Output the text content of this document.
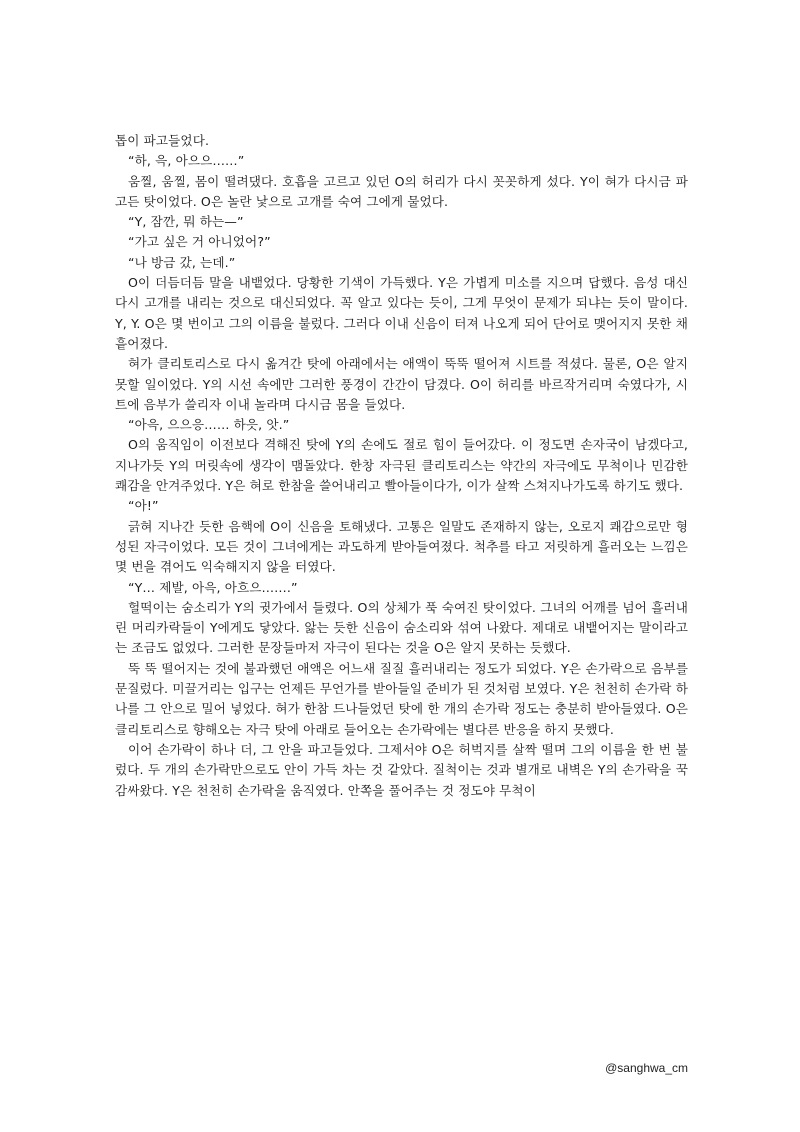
톱이 파고들었다.

“하, 윽, 아으으……”

움찔, 움찔, 몸이 떨려댔다. 호흡을 고르고 있던 O의 허리가 다시 꼿꼿하게 섰다. Y이 혀가 다시금 파고든 탓이었다. O은 놀란 낯으로 고개를 숙여 그에게 물었다.

“Y, 잠깐, 뭐 하는—”

“가고 싶은 거 아니었어?”

“나 방금 갔, 는데.”

O이 더듬더듬 말을 내뱉었다. 당황한 기색이 가득했다. Y은 가볍게 미소를 지으며 답했다. 음성 대신 다시 고개를 내리는 것으로 대신되었다. 꼭 알고 있다는 듯이, 그게 무엇이 문제가 되냐는 듯이 말이다. Y, Y. O은 몇 번이고 그의 이름을 불렀다. 그러다 이내 신음이 터져 나오게 되어 단어로 맺어지지 못한 채 흩어졌다.

혀가 클리토리스로 다시 옮겨간 탓에 아래에서는 애액이 뚝뚝 떨어져 시트를 적셨다. 물론, O은 알지 못할 일이었다. Y의 시선 속에만 그러한 풍경이 간간이 담겼다. O이 허리를 바르작거리며 숙였다가, 시트에 음부가 쓸리자 이내 놀라며 다시금 몸을 들었다.

“아윽, 으으응…… 하읏, 앗.”

O의 움직임이 이전보다 격해진 탓에 Y의 손에도 절로 힘이 들어갔다. 이 정도면 손자국이 남겠다고, 지나가듯 Y의 머릿속에 생각이 맴돌았다. 한창 자극된 클리토리스는 약간의 자극에도 무척이나 민감한 쾌감을 안겨주었다. Y은 혀로 한참을 쓸어내리고 빨아들이다가, 이가 살짝 스쳐지나가도록 하기도 했다.

“아!”

긁혀 지나간 듯한 음핵에 O이 신음을 토해냈다. 고통은 일말도 존재하지 않는, 오로지 쾌감으로만 형성된 자극이었다. 모든 것이 그녀에게는 과도하게 받아들여졌다. 척추를 타고 저릿하게 흘러오는 느낌은 몇 번을 겪어도 익숙해지지 않을 터였다.

“Y… 제발, 아윽, 아흐으…….”

헐떡이는 숨소리가 Y의 귓가에서 들렸다. O의 상체가 푹 숙여진 탓이었다. 그녀의 어깨를 넘어 흘러내린 머리카락들이 Y에게도 닿았다. 앓는 듯한 신음이 숨소리와 섞여 나왔다. 제대로 내뱉어지는 말이라고는 조금도 없었다. 그러한 문장들마저 자극이 된다는 것을 O은 알지 못하는 듯했다.

뚝 뚝 떨어지는 것에 불과했던 애액은 어느새 질질 흘러내리는 정도가 되었다. Y은 손가락으로 음부를 문질렀다. 미끌거리는 입구는 언제든 무언가를 받아들일 준비가 된 것처럼 보였다. Y은 천천히 손가락 하나를 그 안으로 밀어 넣었다. 혀가 한참 드나들었던 탓에 한 개의 손가락 정도는 충분히 받아들였다. O은 클리토리스로 향해오는 자극 탓에 아래로 들어오는 손가락에는 별다른 반응을 하지 못했다.

이어 손가락이 하나 더, 그 안을 파고들었다. 그제서야 O은 허벅지를 살짝 떨며 그의 이름을 한 번 불렀다. 두 개의 손가락만으로도 안이 가득 차는 것 같았다. 질척이는 것과 별개로 내벽은 Y의 손가락을 꾹 감싸왔다. Y은 천천히 손가락을 움직였다. 안쪽을 풀어주는 것 정도야 무척이

@sanghwa_cm
